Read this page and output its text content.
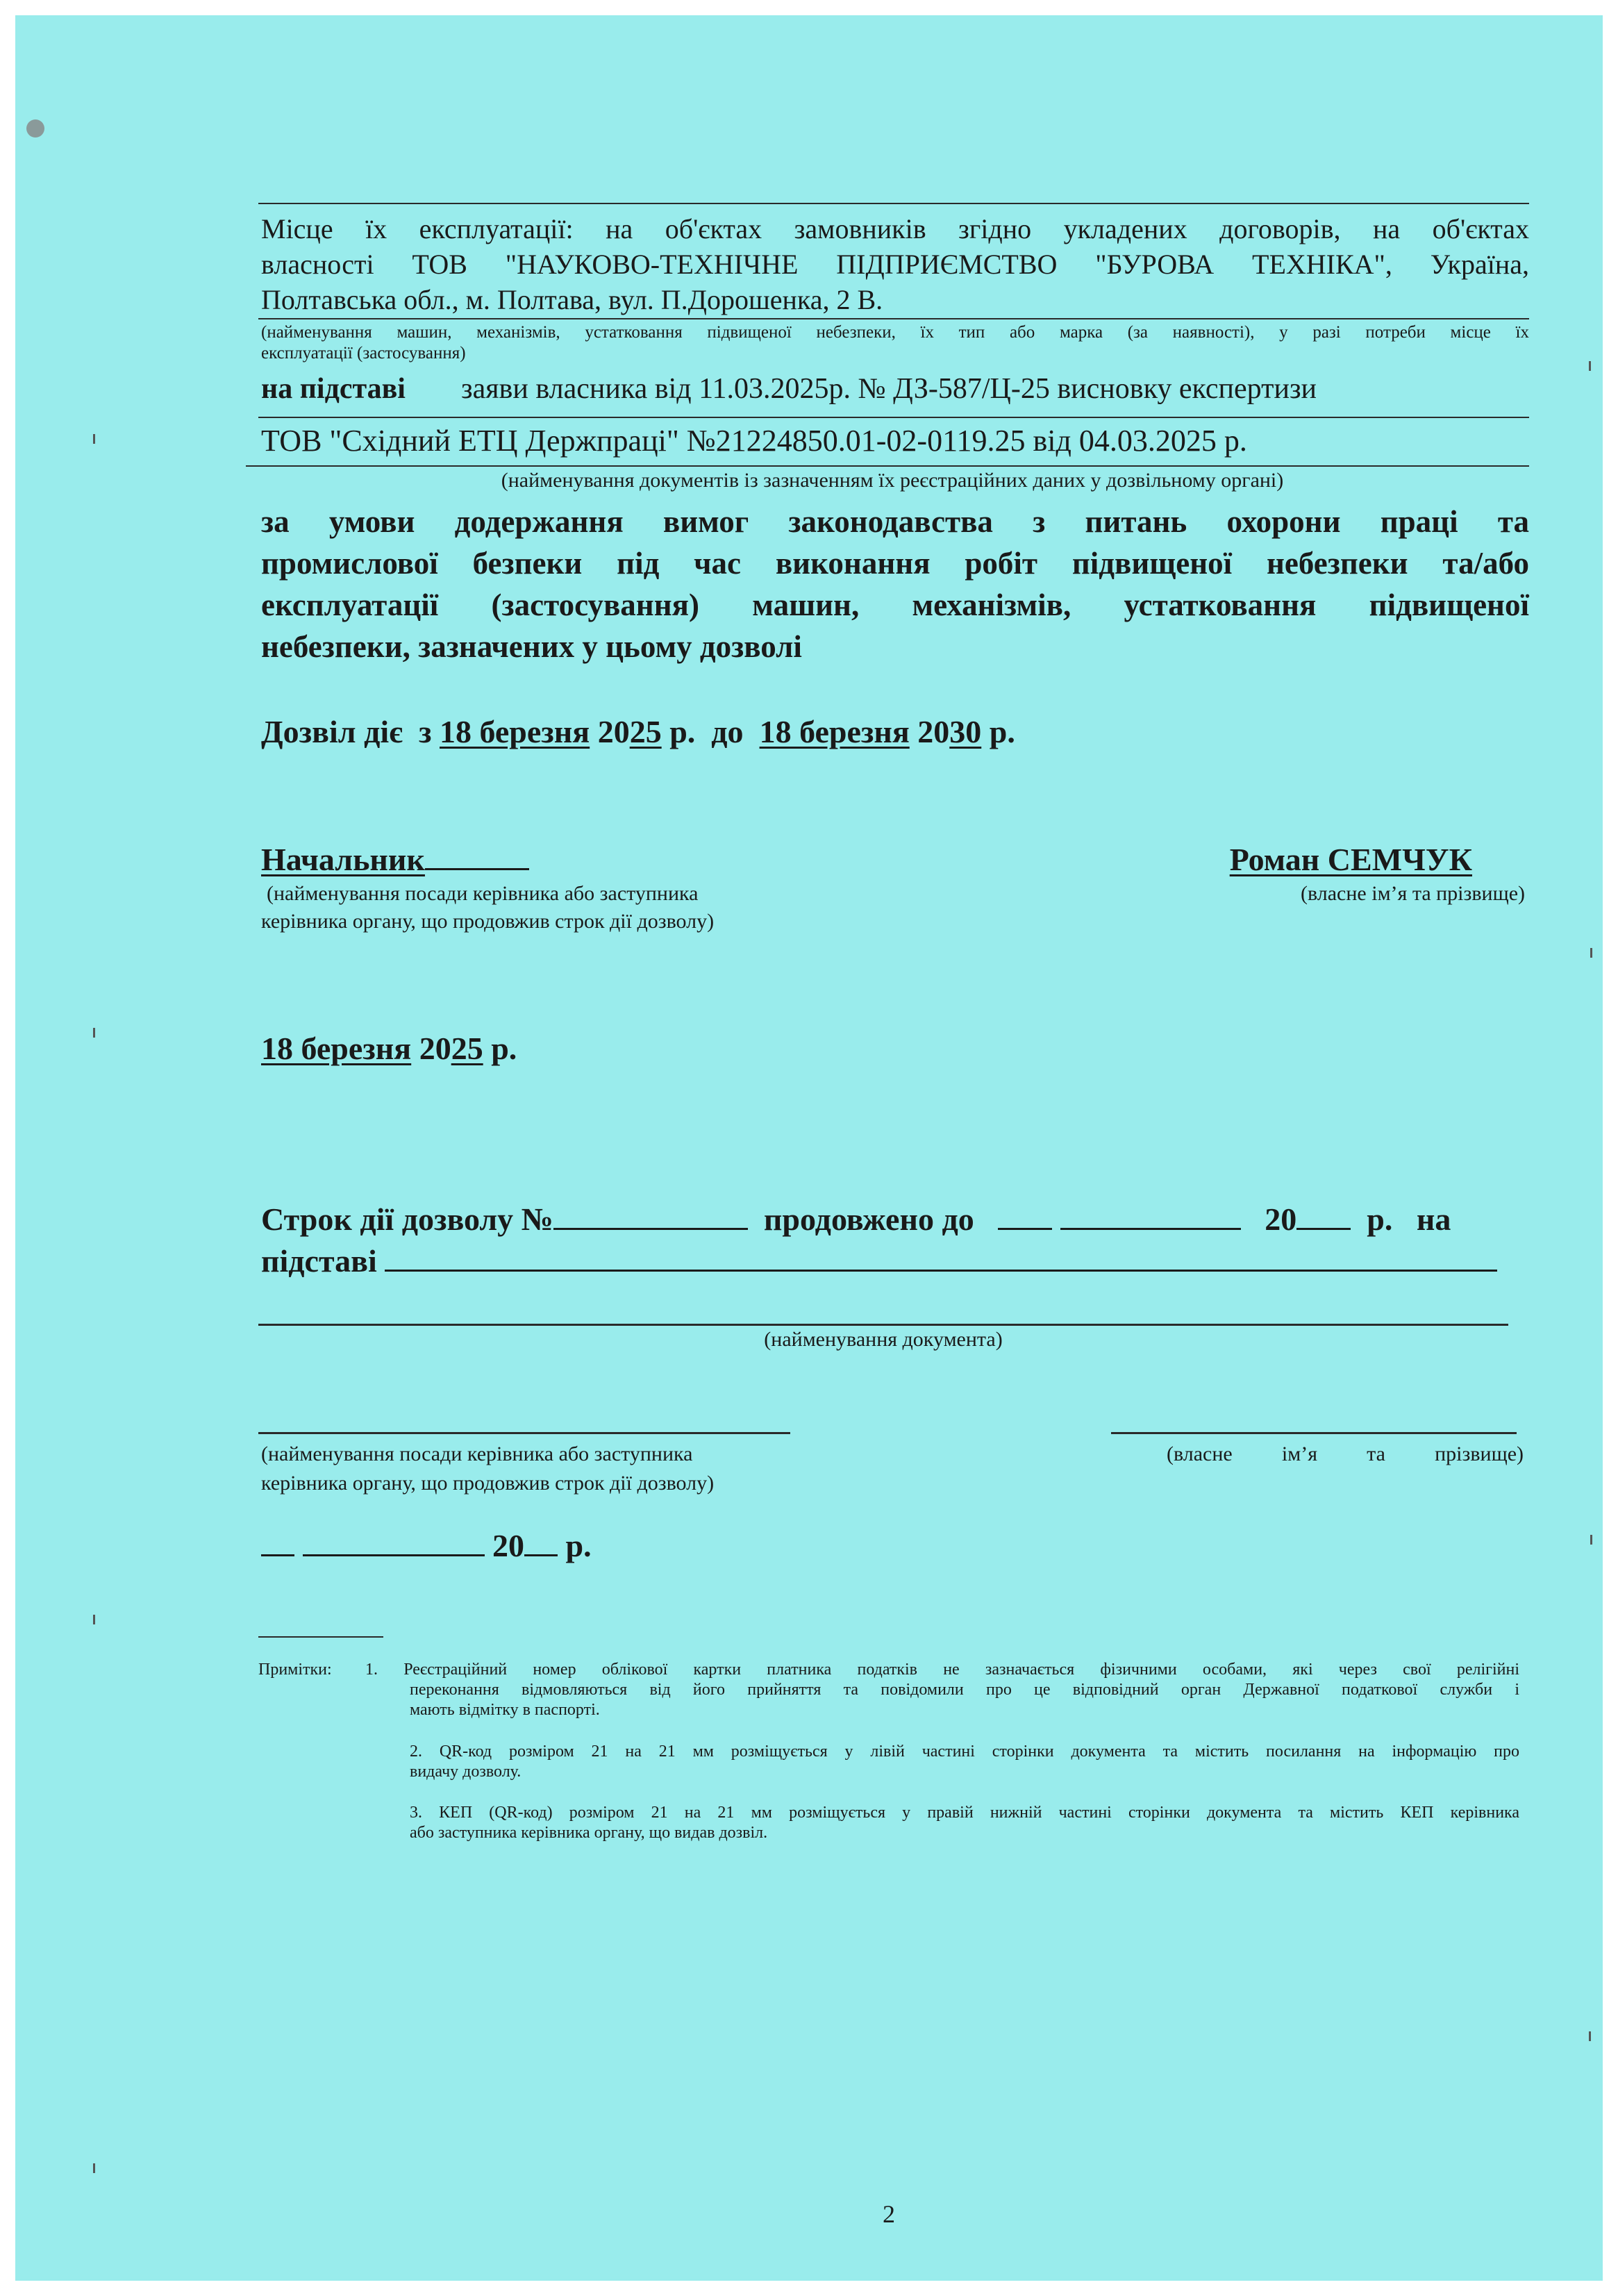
Місце їх експлуатації: на об'єктах замовників згідно укладених договорів, на об'єктах
власності ТОВ "НАУКОВО-ТЕХНІЧНЕ ПІДПРИЄМСТВО "БУРОВА ТЕХНІКА", Україна,
Полтавська обл., м. Полтава, вул. П.Дорошенка, 2 В.
(найменування машин, механізмів, устатковання підвищеної небезпеки, їх тип або марка (за наявності), у разі потреби місце їх
експлуатації (застосування)
на підставі заяви власника від 11.03.2025р. № ДЗ-587/Ц-25 висновку експертизи
ТОВ "Східний ЕТЦ Держпраці" №21224850.01-02-0119.25 від 04.03.2025 р.
(найменування документів із зазначенням їх реєстраційних даних у дозвільному органі)
за умови додержання вимог законодавства з питань охорони праці та
промислової безпеки під час виконання робіт підвищеної небезпеки та/або
експлуатації (застосування) машин, механізмів, устатковання підвищеної
небезпеки, зазначених у цьому дозволі
Дозвіл діє з 18 березня 2025 р. до 18 березня 2030 р.
Начальник
(найменування посади керівника або заступника
керівника органу, що продовжив строк дії дозволу)
Роман СЕМЧУК
(власне ім’я та прізвище)
18 березня 2025 р.
Строк дії дозволу №	продовжено до	20 р. на
підставі
(найменування документа)
(найменування посади керівника або заступника
керівника органу, що продовжив строк дії дозволу)
(власне ім’я та прізвище)
20 р.
Примітки: 1. Реєстраційний номер облікової картки платника податків не зазначається фізичними особами, які через свої релігійні
переконання відмовляються від його прийняття та повідомили про це відповідний орган Державної податкової служби і
мають відмітку в паспорті.
2. QR-код розміром 21 на 21 мм розміщується у лівій частині сторінки документа та містить посилання на інформацію про
видачу дозволу.
3. КЕП (QR-код) розміром 21 на 21 мм розміщується у правій нижній частині сторінки документа та містить КЕП керівника
або заступника керівника органу, що видав дозвіл.
2
